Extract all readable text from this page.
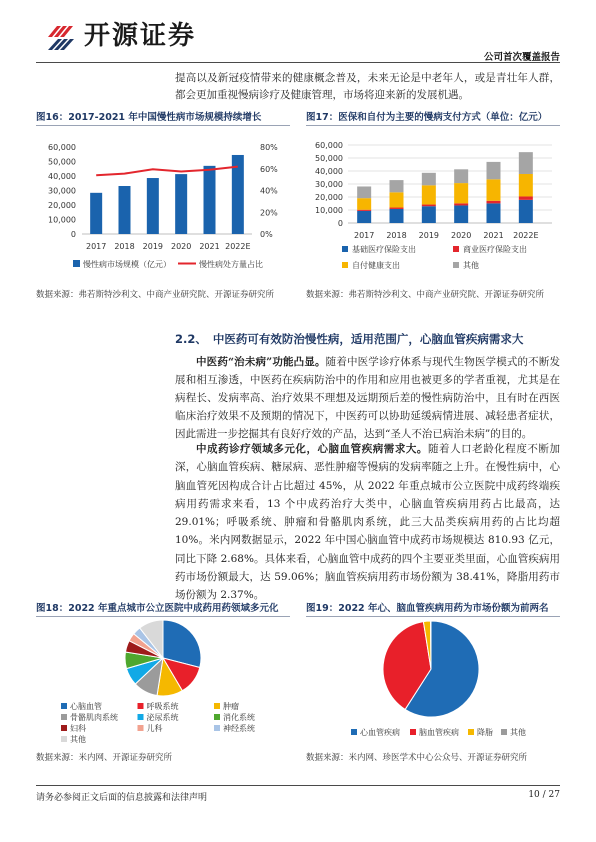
开源证券
公司首次覆盖报告

提高以及新冠疫情带来的健康概念普及，未来无论是中老年人，或是青壮年人群，都会更加重视慢病诊疗及健康管理，市场将迎来新的发展机遇。

图16：2017-2021 年中国慢性病市场规模持续增长	图17：医保和自付为主要的慢病支付方式（单位：亿元）
0
10,000
20,000
30,000
40,000
50,000
60,000
0%
20%
40%
60%
80%
2017 2018 2019 2020 2021 2022E
慢性病市场规模（亿元）	慢性病处方量占比
0
10,000
20,000
30,000
40,000
50,000
60,000
2017 2018 2019 2020 2021 2022E
基础医疗保险支出	商业医疗保险支出
自付健康支出	其他
数据来源：弗若斯特沙利文、中商产业研究院、开源证券研究所	数据来源：弗若斯特沙利文、中商产业研究院、开源证券研究所
2.2、 中医药可有效防治慢性病，适用范围广，心脑血管疾病需求大

中医药“治未病”功能凸显。随着中医学诊疗体系与现代生物医学模式的不断发展和相互渗透，中医药在疾病防治中的作用和应用也被更多的学者重视，尤其是在病程长、发病率高、治疗效果不理想及远期预后差的慢性病防治中，且有时在西医临床治疗效果不及预期的情况下，中医药可以协助延缓病情进展、减轻患者症状，因此需进一步挖掘其有良好疗效的产品，达到“圣人不治已病治未病”的目的。

中成药诊疗领域多元化，心脑血管疾病需求大。随着人口老龄化程度不断加深，心脑血管疾病、糖尿病、恶性肿瘤等慢病的发病率随之上升。在慢性病中，心脑血管死因构成合计占比超过 45%，从 2022 年重点城市公立医院中成药终端疾病用药需求来看，13 个中成药治疗大类中，心脑血管疾病用药占比最高，达 29.01%；呼吸系统、肿瘤和骨骼肌肉系统，此三大品类疾病用药的占比均超 10%。米内网数据显示，2022 年中国心脑血管中成药市场规模达 810.93 亿元，同比下降 2.68%。具体来看，心脑血管中成药的四个主要亚类里面，心血管疾病用药市场份额最大，达 59.06%；脑血管疾病用药市场份额为 38.41%，降脂用药市场份额为 2.37%。

图18：2022 年重点城市公立医院中成药用药领域多元化	图19：2022 年心、脑血管疾病用药为市场份额为前两名
心脑血管	呼吸系统	肿瘤
骨骼肌肉系统	泌尿系统	消化系统
妇科	儿科	神经系统
其他
心血管疾病 脑血管疾病 降脂 其他
数据来源：米内网、开源证券研究所	数据来源：米内网、珍医学术中心公众号、开源证券研究所
请务必参阅正文后面的信息披露和法律声明	10 / 27
